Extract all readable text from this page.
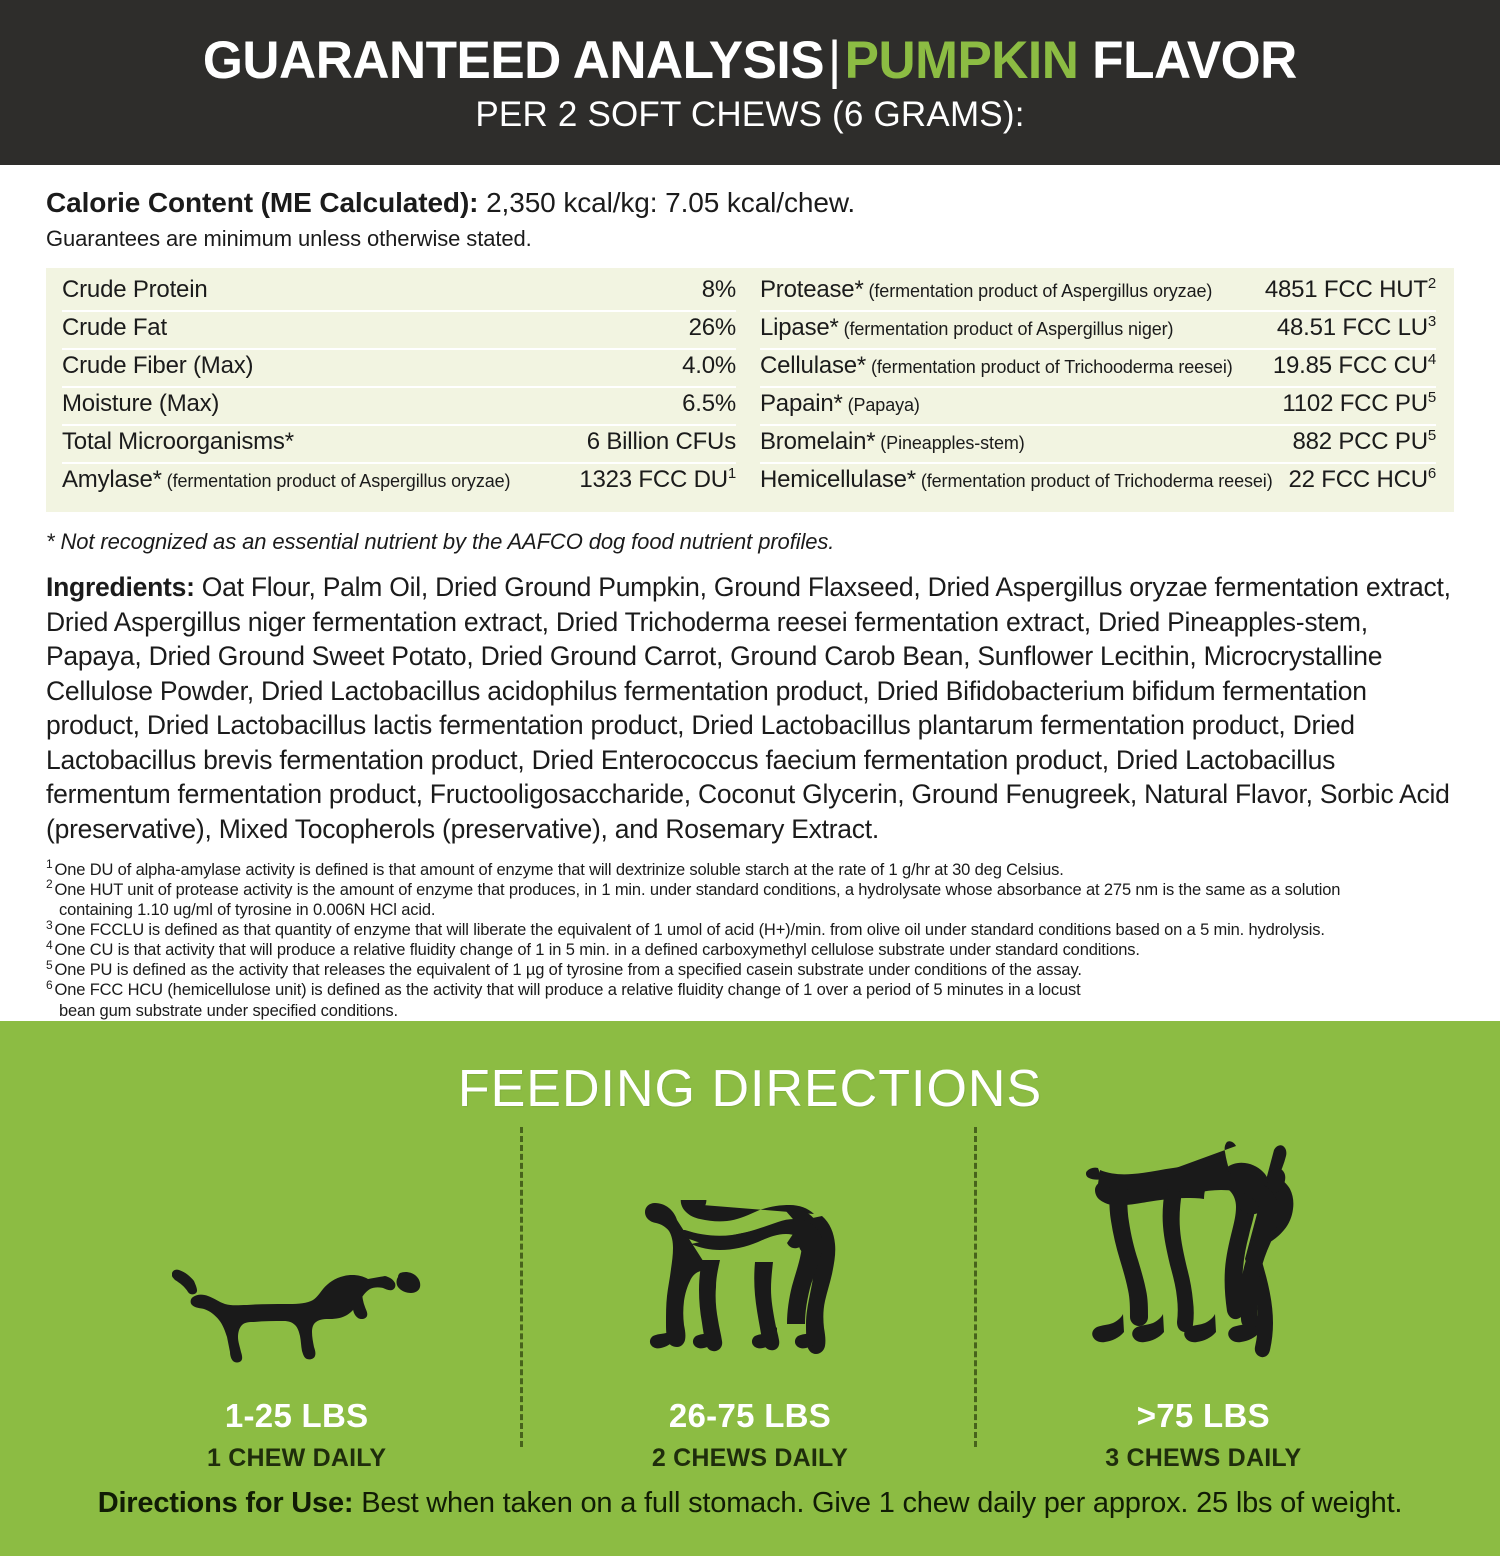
GUARANTEED ANALYSIS|PUMPKIN FLAVOR
PER 2 SOFT CHEWS (6 GRAMS):
Calorie Content (ME Calculated): 2,350 kcal/kg: 7.05 kcal/chew.
Guarantees are minimum unless otherwise stated.
Crude Protein	8%
Crude Fat	26%
Crude Fiber (Max)	4.0%
Moisture (Max)	6.5%
Total Microorganisms*	6 Billion CFUs
Amylase* (fermentation product of Aspergillus oryzae)	1323 FCC $DU^1$
Protease* (fermentation product of Aspergillus oryzae)	4851 FCC HUT$^2$
Lipase* (fermentation product of Aspergillus niger)	48.51 FCC $LU^3$
Cellulase* (fermentation product of Trichooderma reesei)	19.85 FCC $CU^4$
Papain* (Papaya)	1102 FCC $PU^5$
Bromelain* (Pineapples-stem)	882 PCC $PU^5$
Hemicellulase* (fermentation product of Trichoderma reesei) 22 FCC HCU$^6$
* Not recognized as an essential nutrient by the AAFCO dog food nutrient profiles.
Ingredients: Oat Flour, Palm Oil, Dried Ground Pumpkin, Ground Flaxseed, Dried Aspergillus oryzae fermentation extract, Dried Aspergillus niger fermentation extract, Dried Trichoderma reesei fermentation extract, Dried Pineapples-stem, Papaya, Dried Ground Sweet Potato, Dried Ground Carrot, Ground Carob Bean, Sunflower Lecithin, Microcrystalline Cellulose Powder, Dried Lactobacillus acidophilus fermentation product, Dried Bifidobacterium bifidum fermentation product, Dried Lactobacillus lactis fermentation product, Dried Lactobacillus plantarum fermentation product, Dried Lactobacillus brevis fermentation product, Dried Enterococcus faecium fermentation product, Dried Lactobacillus fermentum fermentation product, Fructooligosaccharide, Coconut Glycerin, Ground Fenugreek, Natural Flavor, Sorbic Acid (preservative), Mixed Tocopherols (preservative), and Rosemary Extract.
$^1$ One DU of alpha-amylase activity is defined is that amount of enzyme that will dextrinize soluble starch at the rate of 1 g/hr at 30 deg Celsius.
$^2$ One HUT unit of protease activity is the amount of enzyme that produces, in 1 min. under standard conditions, a hydrolysate whose absorbance at 275 nm is the same as a solution
containing 1.10 ug/ml of tyrosine in 0.006N HCl acid.
$^3$ One FCCLU is defined as that quantity of enzyme that will liberate the equivalent of 1 umol of acid (H+)/min. from olive oil under standard conditions based on a 5 min. hydrolysis.
$^4$ One CU is that activity that will produce a relative fluidity change of 1 in 5 min. in a defined carboxymethyl cellulose substrate under standard conditions.
$^5$ One PU is defined as the activity that releases the equivalent of 1 µg of tyrosine from a specified casein substrate under conditions of the assay.
$^6$ One FCC HCU (hemicellulose unit) is defined as the activity that will produce a relative fluidity change of 1 over a period of 5 minutes in a locust
bean gum substrate under specified conditions.
FEEDING DIRECTIONS
1-25 LBS
1 CHEW DAILY
26-75 LBS
2 CHEWS DAILY
>75 LBS
3 CHEWS DAILY
Directions for Use: Best when taken on a full stomach. Give 1 chew daily per approx. 25 lbs of weight.
